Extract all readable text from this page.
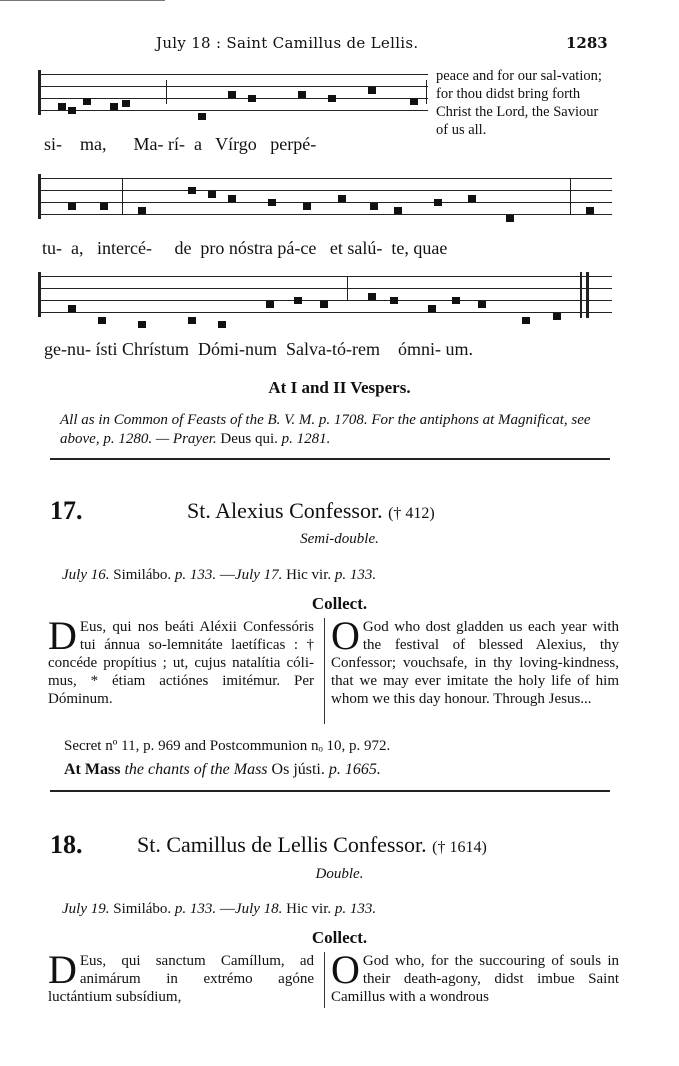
July 18 : Saint Camillus de Lellis.	1283
si-    ma,      Ma- rí-  a   Vírgo   perpé-
peace and for our sal-vation; for thou didst bring forth Christ the Lord, the Saviour of us all.
tu-  a,   intercé-     de  pro nóstra pá-ce   et salú-  te, quae
ge-nu- ísti Chrístum  Dómi-num  Salva-tó-rem    ómni- um.
At I and II Vespers.
All as in Common of Feasts of the B. V. M. p. 1708. For the antiphons at Magnificat, see above, p. 1280. — Prayer. Deus qui. p. 1281.
17.	St. Alexius Confessor. († 412)
Semi-double.
July 16. Similábo. p. 133. —July 17. Hic vir. p. 133.
Collect.
D Eus, qui nos beáti Aléxii Confessóris tui ánnua so-lemnitáte laetíficas : † concéde propítius ; ut, cujus natalítia cóli-mus, * étiam actiónes imitémur. Per Dóminum.
O God who dost gladden us each year with the festival of blessed Alexius, thy Confessor; vouchsafe, in thy loving-kindness, that we may ever imitate the holy life of him whom we this day honour. Through Jesus...
Secret nº 11, p. 969 and Postcommunion nₒ 10, p. 972.
At Mass the chants of the Mass Os jústi. p. 1665.
18. St. Camillus de Lellis Confessor. († 1614)
Double.
July 19. Similábo. p. 133. —July 18. Hic vir. p. 133.
Collect.
D Eus, qui sanctum Camíllum, ad animárum in extrémo agóne luctántium subsídium,
O God who, for the succouring of souls in their death-agony, didst imbue Saint Camillus with a wondrous
